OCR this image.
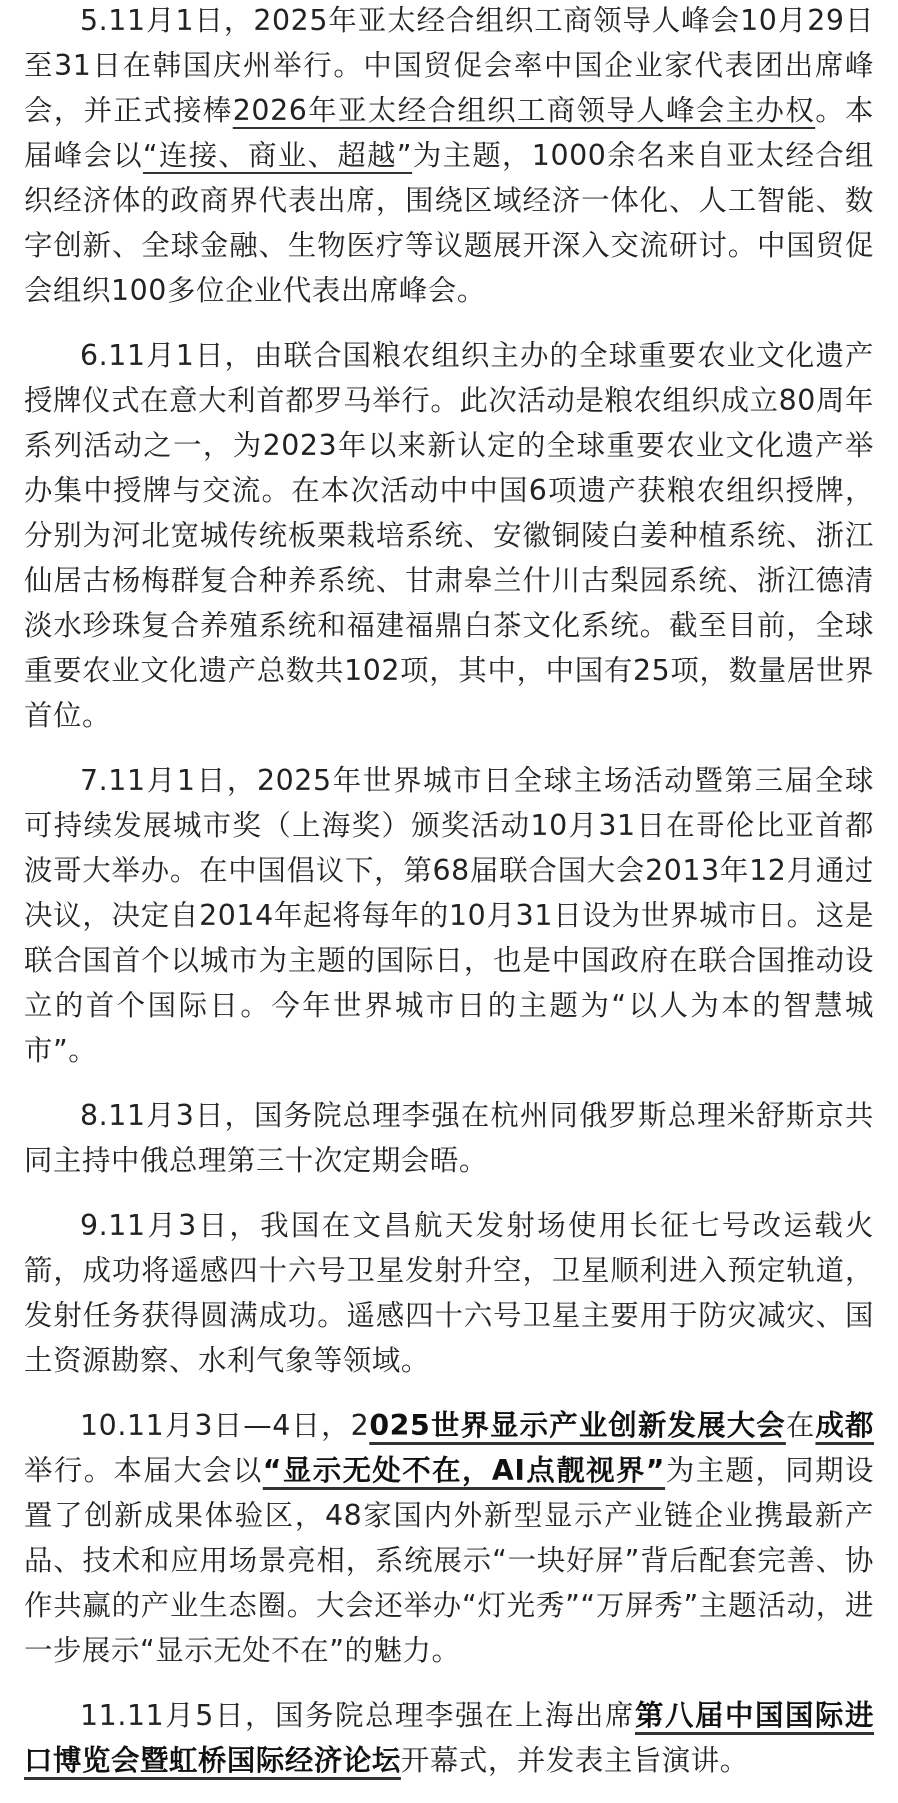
5.11月1日，2025年亚太经合组织工商领导人峰会10月29日至31日在韩国庆州举行。中国贸促会率中国企业家代表团出席峰会，并正式接棒2026年亚太经合组织工商领导人峰会主办权。本届峰会以“连接、商业、超越”为主题，1000余名来自亚太经合组织经济体的政商界代表出席，围绕区域经济一体化、人工智能、数字创新、全球金融、生物医疗等议题展开深入交流研讨。中国贸促会组织100多位企业代表出席峰会。

6.11月1日，由联合国粮农组织主办的全球重要农业文化遗产授牌仪式在意大利首都罗马举行。此次活动是粮农组织成立80周年系列活动之一，为2023年以来新认定的全球重要农业文化遗产举办集中授牌与交流。在本次活动中中国6项遗产获粮农组织授牌，分别为河北宽城传统板栗栽培系统、安徽铜陵白姜种植系统、浙江仙居古杨梅群复合种养系统、甘肃皋兰什川古梨园系统、浙江德清淡水珍珠复合养殖系统和福建福鼎白茶文化系统。截至目前，全球重要农业文化遗产总数共102项，其中，中国有25项，数量居世界首位。

7.11月1日，2025年世界城市日全球主场活动暨第三届全球可持续发展城市奖（上海奖）颁奖活动10月31日在哥伦比亚首都波哥大举办。在中国倡议下，第68届联合国大会2013年12月通过决议，决定自2014年起将每年的10月31日设为世界城市日。这是联合国首个以城市为主题的国际日，也是中国政府在联合国推动设立的首个国际日。今年世界城市日的主题为“以人为本的智慧城市”。

8.11月3日，国务院总理李强在杭州同俄罗斯总理米舒斯京共同主持中俄总理第三十次定期会晤。

9.11月3日，我国在文昌航天发射场使用长征七号改运载火箭，成功将遥感四十六号卫星发射升空，卫星顺利进入预定轨道，发射任务获得圆满成功。遥感四十六号卫星主要用于防灾减灾、国土资源勘察、水利气象等领域。

10.11月3日—4日，2025世界显示产业创新发展大会在成都举行。本届大会以“显示无处不在，AI点靓视界”为主题，同期设置了创新成果体验区，48家国内外新型显示产业链企业携最新产品、技术和应用场景亮相，系统展示“一块好屏”背后配套完善、协作共赢的产业生态圈。大会还举办“灯光秀”“万屏秀”主题活动，进一步展示“显示无处不在”的魅力。

11.11月5日，国务院总理李强在上海出席第八届中国国际进口博览会暨虹桥国际经济论坛开幕式，并发表主旨演讲。
